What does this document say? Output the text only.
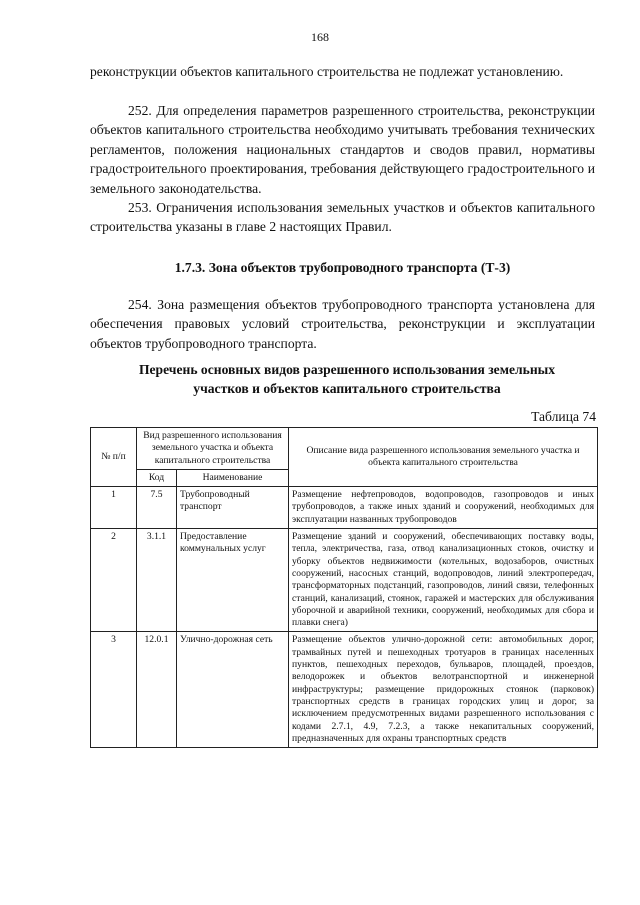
168

реконструкции объектов капитального строительства не подлежат установлению.

252. Для определения параметров разрешенного строительства, реконструкции объектов капитального строительства необходимо учитывать требования технических регламентов, положения национальных стандартов и сводов правил, нормативы градостроительного проектирования, требования действующего градостроительного и земельного законодательства.

253. Ограничения использования земельных участков и объектов капитального строительства указаны в главе 2 настоящих Правил.

1.7.3. Зона объектов трубопроводного транспорта (Т-3)

254. Зона размещения объектов трубопроводного транспорта установлена для обеспечения правовых условий строительства, реконструкции и эксплуатации объектов трубопроводного транспорта.

Перечень основных видов разрешенного использования земельных участков и объектов капитального строительства

Таблица 74
№ п/п	Вид разрешенного использования земельного участка и объекта капитального строительства		Описание вида разрешенного использования земельного участка и объекта капитального строительства
	Код	Наименование	
1	7.5	Трубопроводный транспорт	Размещение нефтепроводов, водопроводов, газопроводов и иных трубопроводов, а также иных зданий и сооружений, необходимых для эксплуатации названных трубопроводов
2	3.1.1	Предоставление коммунальных услуг	Размещение зданий и сооружений, обеспечивающих поставку воды, тепла, электричества, газа, отвод канализационных стоков, очистку и уборку объектов недвижимости (котельных, водозаборов, очистных сооружений, насосных станций, водопроводов, линий электропередач, трансформаторных подстанций, газопроводов, линий связи, телефонных станций, канализаций, стоянок, гаражей и мастерских для обслуживания уборочной и аварийной техники, сооружений, необходимых для сбора и плавки снега)
3	12.0.1	Улично-дорожная сеть	Размещение объектов улично-дорожной сети: автомобильных дорог, трамвайных путей и пешеходных тротуаров в границах населенных пунктов, пешеходных переходов, бульваров, площадей, проездов, велодорожек и объектов велотранспортной и инженерной инфраструктуры; размещение придорожных стоянок (парковок) транспортных средств в границах городских улиц и дорог, за исключением предусмотренных видами разрешенного использования с кодами 2.7.1, 4.9, 7.2.3, а также некапитальных сооружений, предназначенных для охраны транспортных средств
